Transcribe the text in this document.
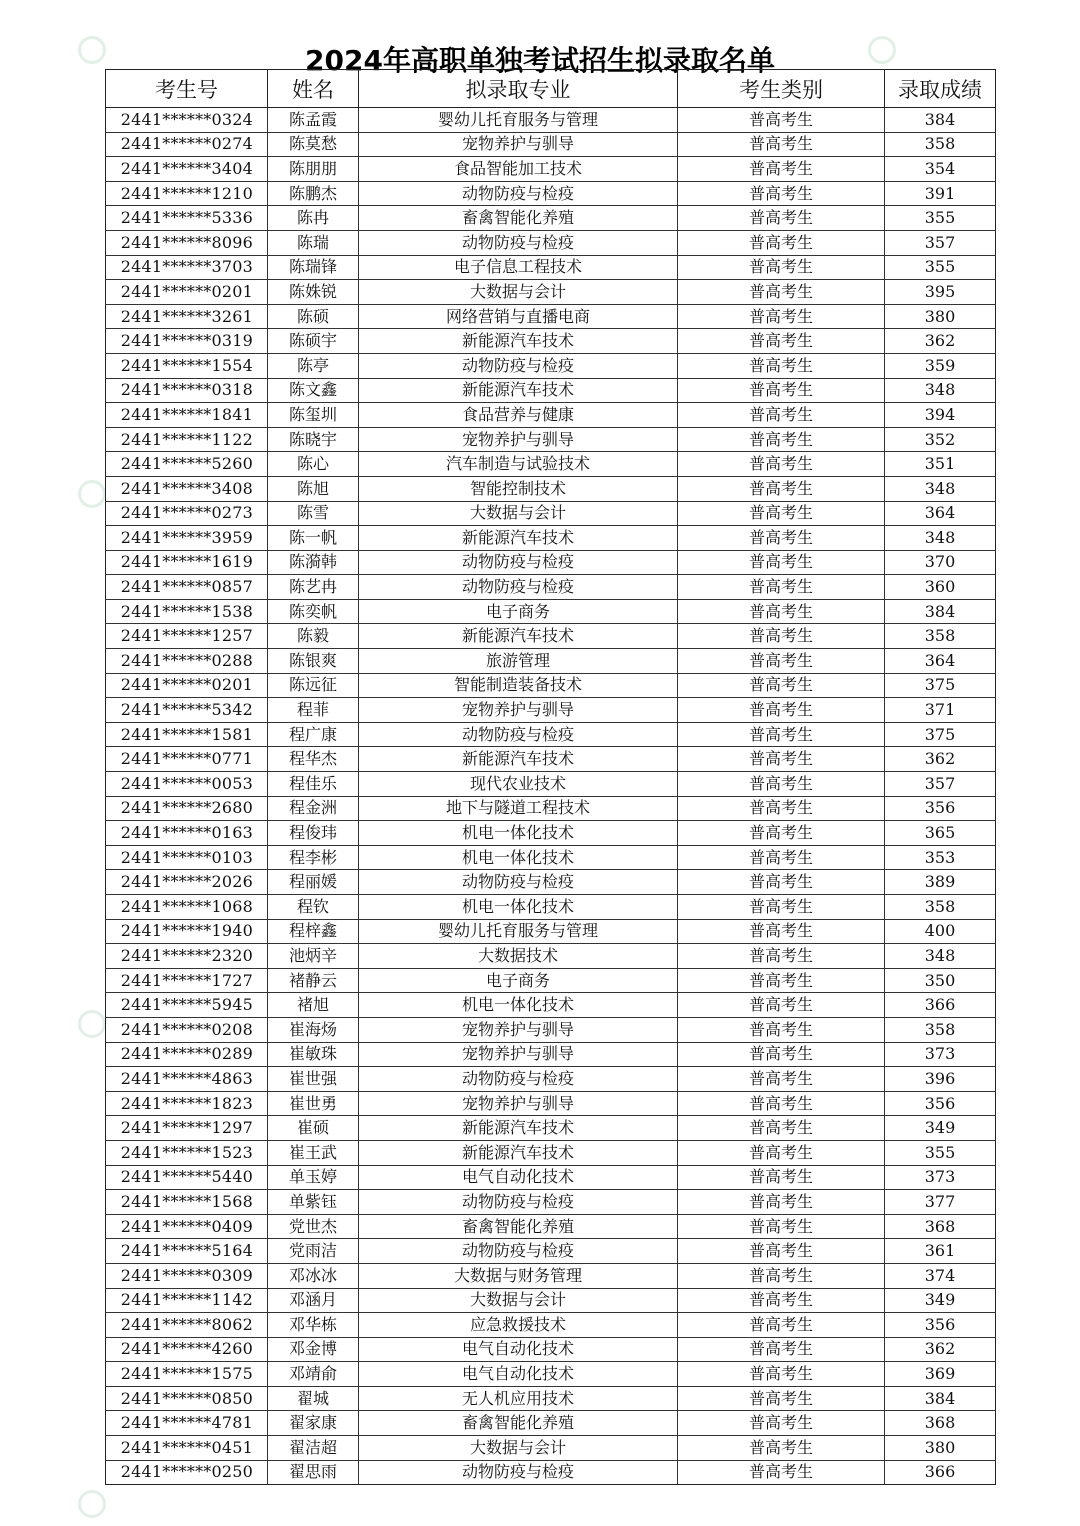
2024年高职单独考试招生拟录取名单
考生号	姓名	拟录取专业	考生类别	录取成绩
2441******0324	陈孟霞	婴幼儿托育服务与管理	普高考生	384
2441******0274	陈莫愁	宠物养护与驯导	普高考生	358
2441******3404	陈朋朋	食品智能加工技术	普高考生	354
2441******1210	陈鹏杰	动物防疫与检疫	普高考生	391
2441******5336	陈冉	畜禽智能化养殖	普高考生	355
2441******8096	陈瑞	动物防疫与检疫	普高考生	357
2441******3703	陈瑞锋	电子信息工程技术	普高考生	355
2441******0201	陈姝锐	大数据与会计	普高考生	395
2441******3261	陈硕	网络营销与直播电商	普高考生	380
2441******0319	陈硕宇	新能源汽车技术	普高考生	362
2441******1554	陈亭	动物防疫与检疫	普高考生	359
2441******0318	陈文鑫	新能源汽车技术	普高考生	348
2441******1841	陈玺圳	食品营养与健康	普高考生	394
2441******1122	陈晓宇	宠物养护与驯导	普高考生	352
2441******5260	陈心	汽车制造与试验技术	普高考生	351
2441******3408	陈旭	智能控制技术	普高考生	348
2441******0273	陈雪	大数据与会计	普高考生	364
2441******3959	陈一帆	新能源汽车技术	普高考生	348
2441******1619	陈漪韩	动物防疫与检疫	普高考生	370
2441******0857	陈艺冉	动物防疫与检疫	普高考生	360
2441******1538	陈奕帆	电子商务	普高考生	384
2441******1257	陈毅	新能源汽车技术	普高考生	358
2441******0288	陈银爽	旅游管理	普高考生	364
2441******0201	陈远征	智能制造装备技术	普高考生	375
2441******5342	程菲	宠物养护与驯导	普高考生	371
2441******1581	程广康	动物防疫与检疫	普高考生	375
2441******0771	程华杰	新能源汽车技术	普高考生	362
2441******0053	程佳乐	现代农业技术	普高考生	357
2441******2680	程金洲	地下与隧道工程技术	普高考生	356
2441******0163	程俊玮	机电一体化技术	普高考生	365
2441******0103	程李彬	机电一体化技术	普高考生	353
2441******2026	程丽媛	动物防疫与检疫	普高考生	389
2441******1068	程钦	机电一体化技术	普高考生	358
2441******1940	程梓鑫	婴幼儿托育服务与管理	普高考生	400
2441******2320	池炳辛	大数据技术	普高考生	348
2441******1727	褚静云	电子商务	普高考生	350
2441******5945	褚旭	机电一体化技术	普高考生	366
2441******0208	崔海炀	宠物养护与驯导	普高考生	358
2441******0289	崔敏珠	宠物养护与驯导	普高考生	373
2441******4863	崔世强	动物防疫与检疫	普高考生	396
2441******1823	崔世勇	宠物养护与驯导	普高考生	356
2441******1297	崔硕	新能源汽车技术	普高考生	349
2441******1523	崔王武	新能源汽车技术	普高考生	355
2441******5440	单玉婷	电气自动化技术	普高考生	373
2441******1568	单紫钰	动物防疫与检疫	普高考生	377
2441******0409	党世杰	畜禽智能化养殖	普高考生	368
2441******5164	党雨洁	动物防疫与检疫	普高考生	361
2441******0309	邓冰冰	大数据与财务管理	普高考生	374
2441******1142	邓涵月	大数据与会计	普高考生	349
2441******8062	邓华栋	应急救援技术	普高考生	356
2441******4260	邓金博	电气自动化技术	普高考生	362
2441******1575	邓靖俞	电气自动化技术	普高考生	369
2441******0850	翟城	无人机应用技术	普高考生	384
2441******4781	翟家康	畜禽智能化养殖	普高考生	368
2441******0451	翟洁超	大数据与会计	普高考生	380
2441******0250	翟思雨	动物防疫与检疫	普高考生	366
